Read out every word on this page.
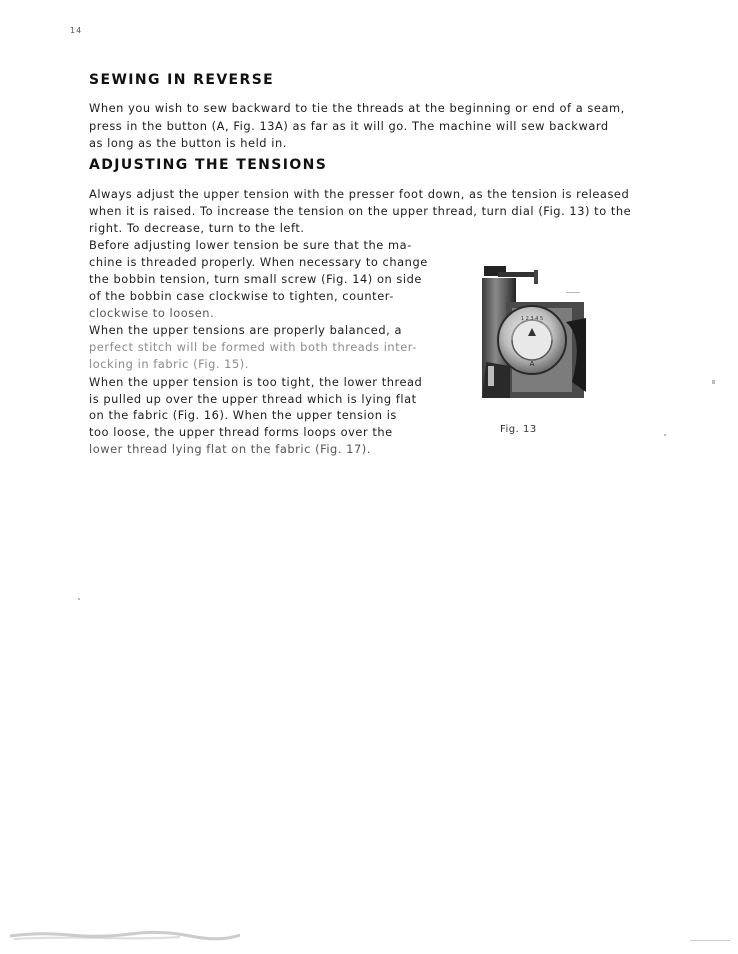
14
SEWING IN REVERSE

When you wish to sew backward to tie the threads at the beginning or end of a seam,

press in the button (A, Fig. 13A) as far as it will go. The machine will sew backward

as long as the button is held in.

ADJUSTING THE TENSIONS

Always adjust the upper tension with the presser foot down, as the tension is released

when it is raised. To increase the tension on the upper thread, turn dial (Fig. 13) to the

right. To decrease, turn to the left.

Before adjusting lower tension be sure that the ma-

chine is threaded properly. When necessary to change

the bobbin tension, turn small screw (Fig. 14) on side

of the bobbin case clockwise to tighten, counter-

clockwise to loosen.

When the upper tensions are properly balanced, a

perfect stitch will be formed with both threads inter-

locking in fabric (Fig. 15).

When the upper tension is too tight, the lower thread

is pulled up over the upper thread which is lying flat

on the fabric (Fig. 16). When the upper tension is

too loose, the upper thread forms loops over the

lower thread lying flat on the fabric (Fig. 17).

1 2 3 4 5
A
Fig. 13
